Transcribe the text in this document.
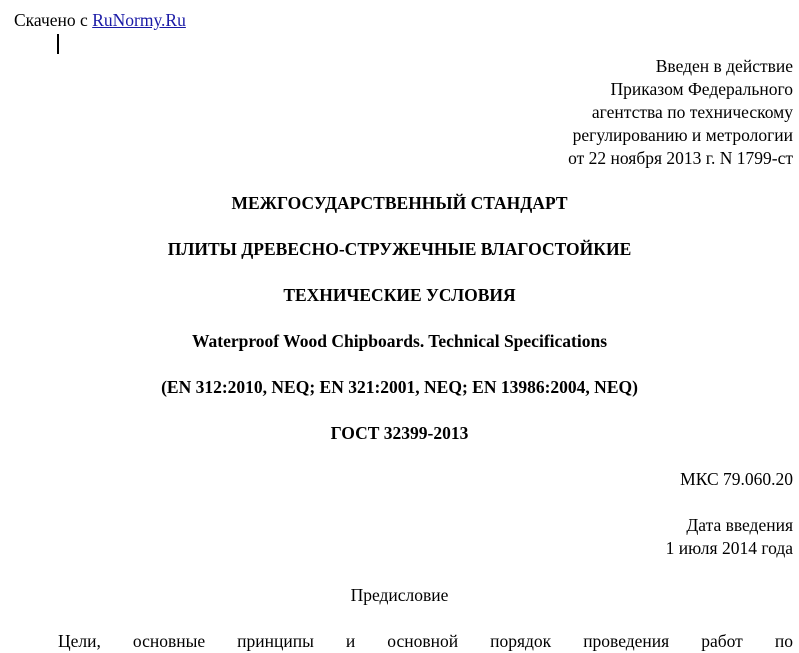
Скачено с RuNormy.Ru
Введен в действие
Приказом Федерального
агентства по техническому
регулированию и метрологии
от 22 ноября 2013 г. N 1799-ст
МЕЖГОСУДАРСТВЕННЫЙ СТАНДАРТ
ПЛИТЫ ДРЕВЕСНО-СТРУЖЕЧНЫЕ ВЛАГОСТОЙКИЕ
ТЕХНИЧЕСКИЕ УСЛОВИЯ
Waterproof Wood Chipboards. Technical Specifications
(EN 312:2010, NEQ; EN 321:2001, NEQ; EN 13986:2004, NEQ)
ГОСТ 32399-2013
МКС 79.060.20
Дата введения
1 июля 2014 года
Предисловие
Цели, основные принципы и основной порядок проведения работ по
